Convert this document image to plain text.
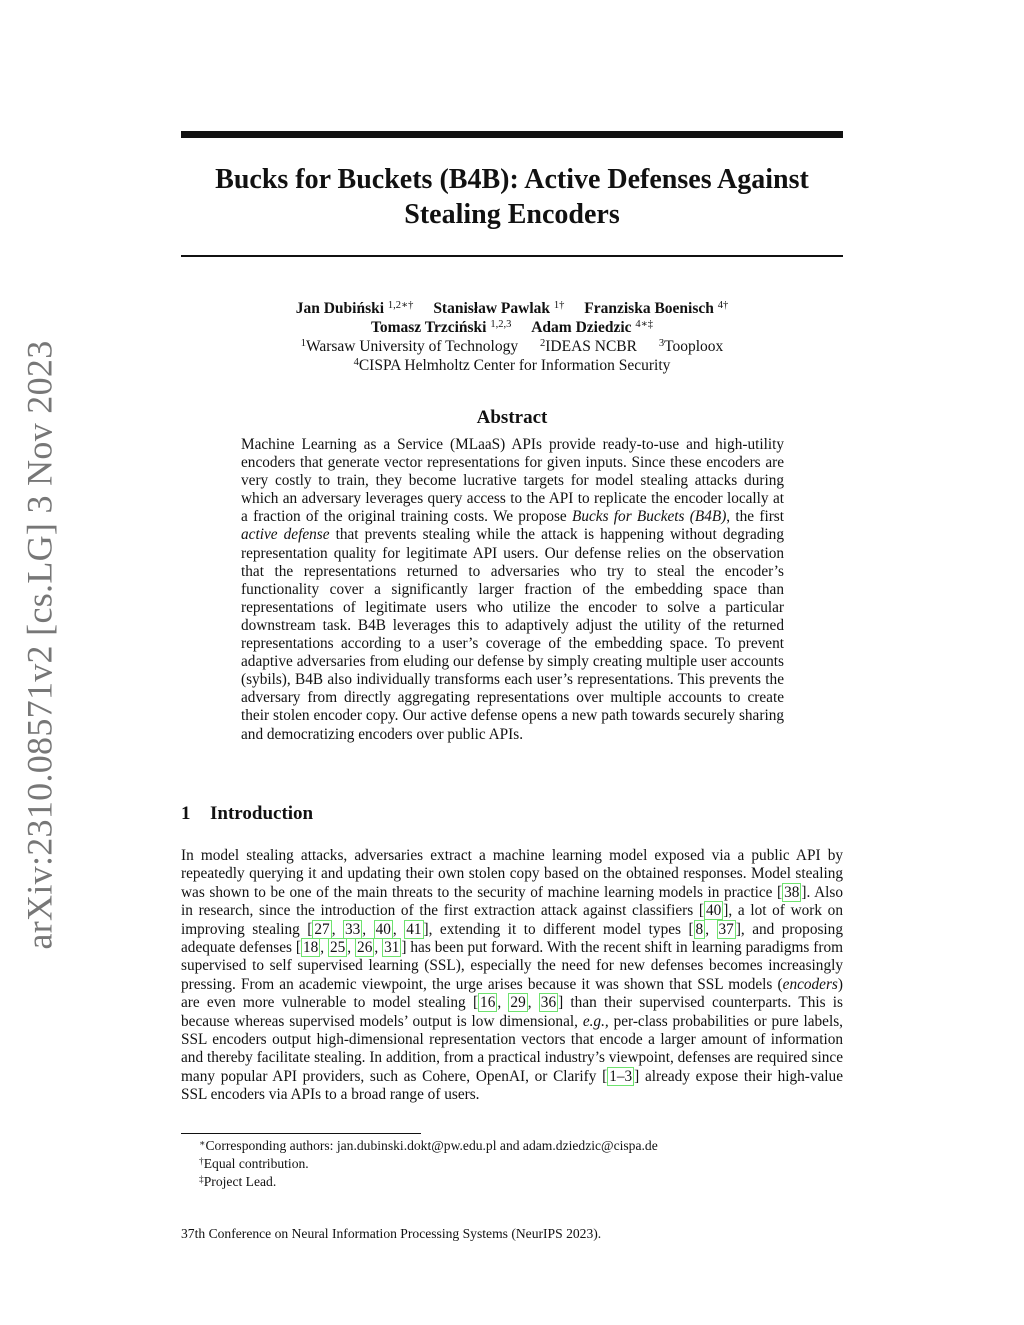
arXiv:2310.08571v2 [cs.LG] 3 Nov 2023
Bucks for Buckets (B4B): Active Defenses Against Stealing Encoders
Jan Dubiński $^{1,2∗\dagger}$ Stanisław Pawlak $^{1\dagger}$ Franziska Boenisch $^{4\dagger}$
Tomasz Trzciński $^{1,2,3}$ Adam Dziedzic $^{4∗\ddagger}$
$^1$Warsaw University of Technology $^2$IDEAS NCBR $^3$Tooploox
$^4$CISPA Helmholtz Center for Information Security
Abstract

Machine Learning as a Service (MLaaS) APIs provide ready-to-use and high-utility encoders that generate vector representations for given inputs. Since these encoders are very costly to train, they become lucrative targets for model stealing attacks during which an adversary leverages query access to the API to replicate the encoder locally at a fraction of the original training costs. We propose Bucks for Buckets (B4B), the first active defense that prevents stealing while the attack is happening without degrading representation quality for legitimate API users. Our defense relies on the observation that the representations returned to adversaries who try to steal the encoder’s functionality cover a significantly larger fraction of the embedding space than representations of legitimate users who utilize the encoder to solve a particular downstream task. B4B leverages this to adaptively adjust the utility of the returned representations according to a user’s coverage of the embedding space. To prevent adaptive adversaries from eluding our defense by simply creating multiple user accounts (sybils), B4B also individually transforms each user’s representations. This prevents the adversary from directly aggregating representations over multiple accounts to create their stolen encoder copy. Our active defense opens a new path towards securely sharing and democratizing encoders over public APIs.

1 Introduction

In model stealing attacks, adversaries extract a machine learning model exposed via a public API by repeatedly querying it and updating their own stolen copy based on the obtained responses. Model stealing was shown to be one of the main threats to the security of machine learning models in practice [ 38 ]. Also in research, since the introduction of the first extraction attack against classifiers [ 40 ], a lot of work on improving stealing [ 27 , 33 , 40 , 41 ], extending it to different model types [ 8 , 37 ], and proposing adequate defenses [ 18 , 25 , 26 , 31 ] has been put forward. With the recent shift in learning paradigms from supervised to self supervised learning (SSL), especially the need for new defenses becomes increasingly pressing. From an academic viewpoint, the urge arises because it was shown that SSL models (encoders) are even more vulnerable to model stealing [ 16 , 29 , 36 ] than their supervised counterparts. This is because whereas supervised models’ output is low dimensional, e.g., per-class probabilities or pure labels, SSL encoders output high-dimensional representation vectors that encode a larger amount of information and thereby facilitate stealing. In addition, from a practical industry’s viewpoint, defenses are required since many popular API providers, such as Cohere, OpenAI, or Clarify [ 1–3 ] already expose their high-value SSL encoders via APIs to a broad range of users.

∗Corresponding authors: jan.dubinski.dokt@pw.edu.pl and adam.dziedzic@cispa.de
†Equal contribution.
‡Project Lead.
37th Conference on Neural Information Processing Systems (NeurIPS 2023).
